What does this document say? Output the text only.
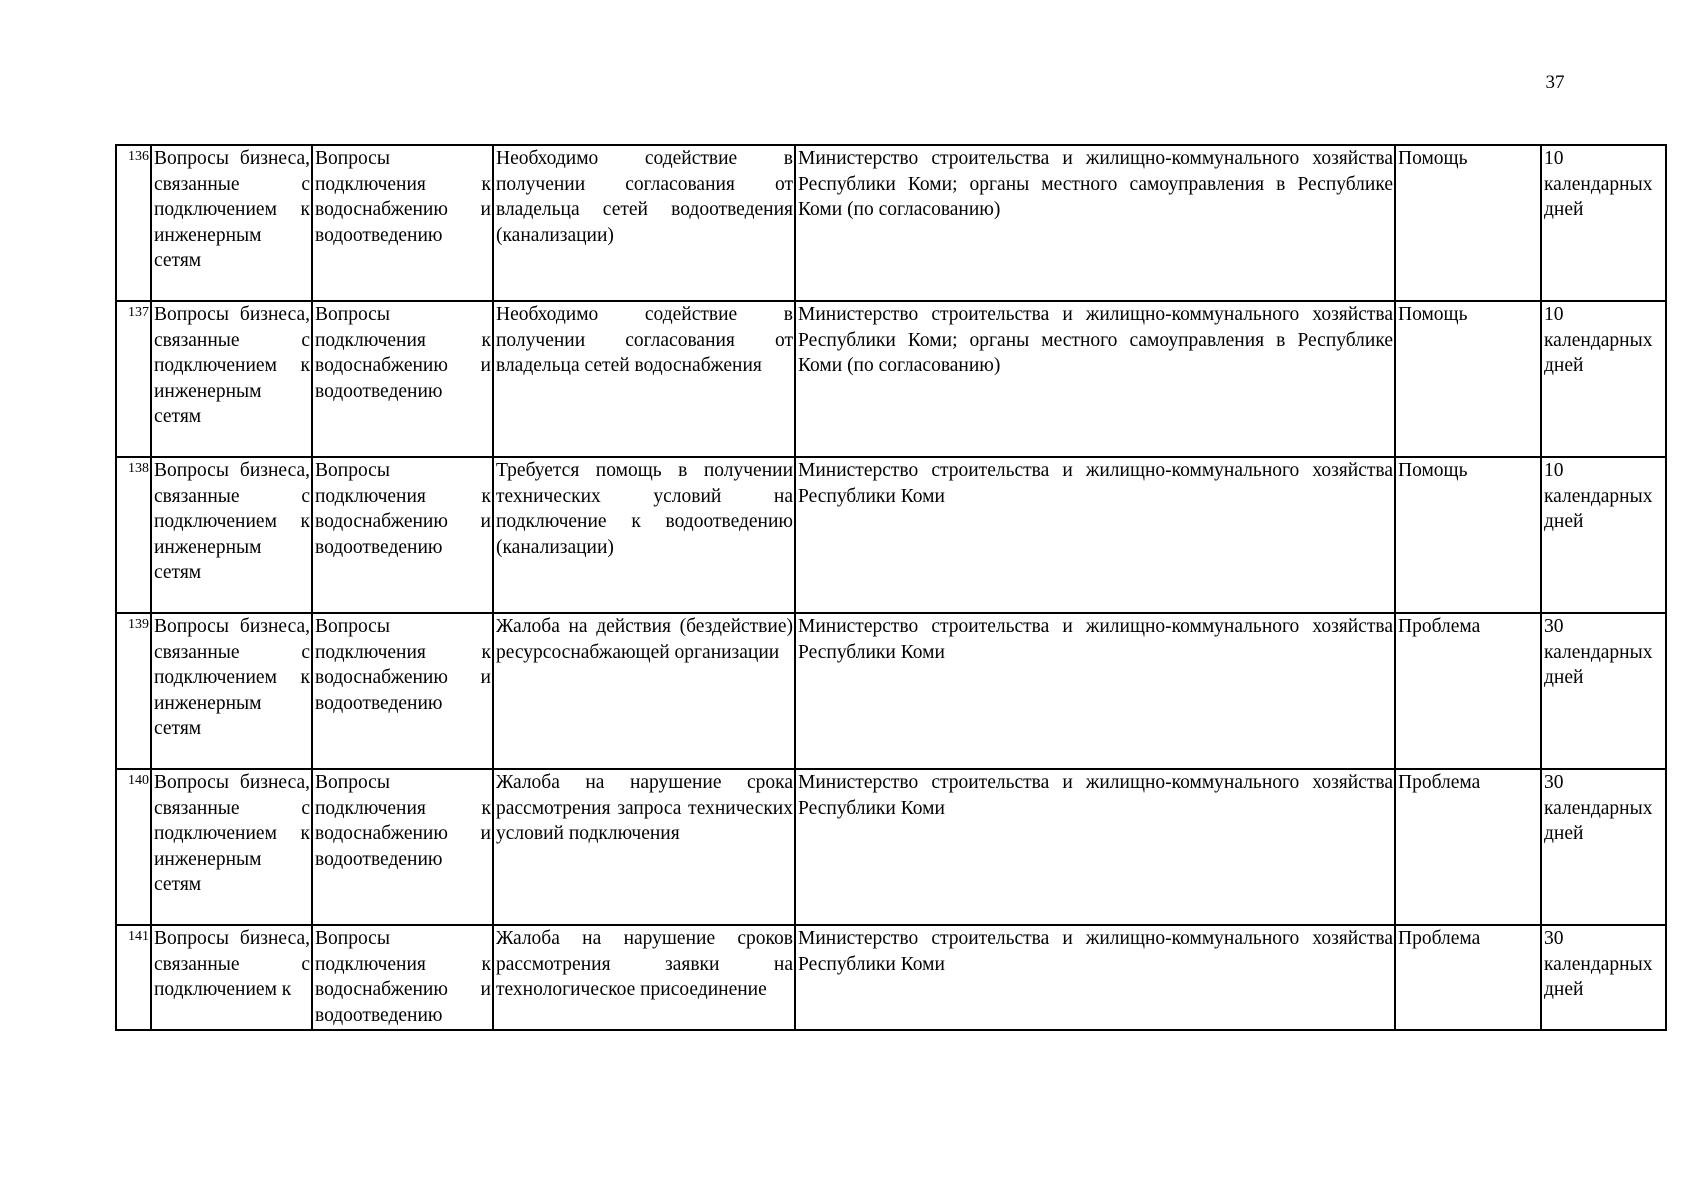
37
136	Вопросы бизнеса, связанные с подключением к инженерным сетям	Вопросы подключения к водоснабжению и водоотведению	Необходимо содействие в получении согласования от владельца сетей водоотведения (канализации)	Министерство строительства и жилищно-коммунального хозяйства Республики Коми; органы местного самоуправления в Республике Коми (по согласованию)	Помощь	10 календарных дней
137	Вопросы бизнеса, связанные с подключением к инженерным сетям	Вопросы подключения к водоснабжению и водоотведению	Необходимо содействие в получении согласования от владельца сетей водоснабжения	Министерство строительства и жилищно-коммунального хозяйства Республики Коми; органы местного самоуправления в Республике Коми (по согласованию)	Помощь	10 календарных дней
138	Вопросы бизнеса, связанные с подключением к инженерным сетям	Вопросы подключения к водоснабжению и водоотведению	Требуется помощь в получении технических условий на подключение к водоотведению (канализации)	Министерство строительства и жилищно-коммунального хозяйства Республики Коми	Помощь	10 календарных дней
139	Вопросы бизнеса, связанные с подключением к инженерным сетям	Вопросы подключения к водоснабжению и водоотведению	Жалоба на действия (бездействие) ресурсоснабжающей организации	Министерство строительства и жилищно-коммунального хозяйства Республики Коми	Проблема	30 календарных дней
140	Вопросы бизнеса, связанные с подключением к инженерным сетям	Вопросы подключения к водоснабжению и водоотведению	Жалоба на нарушение срока рассмотрения запроса технических условий подключения	Министерство строительства и жилищно-коммунального хозяйства Республики Коми	Проблема	30 календарных дней
141	Вопросы бизнеса, связанные с подключением к	Вопросы подключения к водоснабжению и водоотведению	Жалоба на нарушение сроков рассмотрения заявки на технологическое присоединение	Министерство строительства и жилищно-коммунального хозяйства Республики Коми	Проблема	30 календарных дней
